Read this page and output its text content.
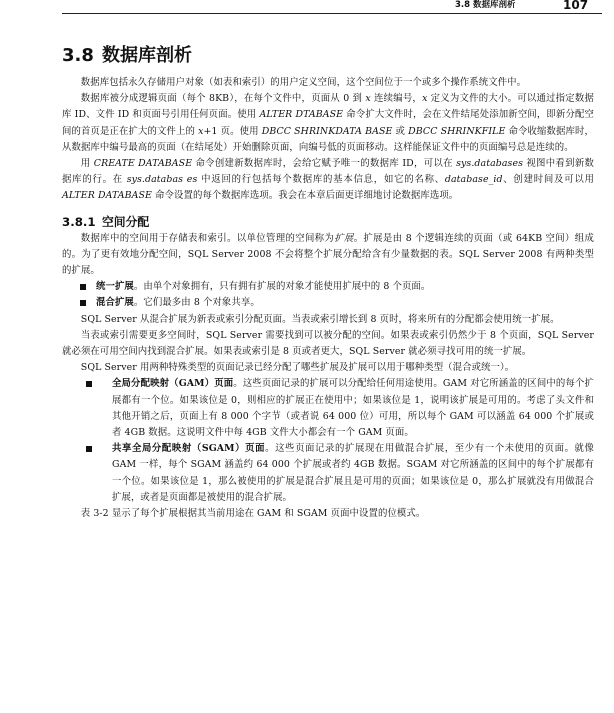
3.8 数据库剖析	107
3.8 数据库剖析

数据库包括永久存储用户对象（如表和索引）的用户定义空间，这个空间位于一个或多个操作系统文件中。

数据库被分成逻辑页面（每个 8KB），在每个文件中，页面从 0 到 x 连续编号，x 定义为文件的大小。可以通过指定数据库 ID、文件 ID 和页面号引用任何页面。使用 ALTER DTABASE 命令扩大文件时，会在文件结尾处添加新空间，即新分配空间的首页是正在扩大的文件上的 x+1 页。使用 DBCC SHRINKDATA BASE 或 DBCC SHRINKFILE 命令收缩数据库时，从数据库中编号最高的页面（在结尾处）开始删除页面，向编号低的页面移动。这样能保证文件中的页面编号总是连续的。

用 CREATE DATABASE 命令创建新数据库时，会给它赋予唯一的数据库 ID，可以在 sys.databases 视图中看到新数据库的行。在 sys.databas es 中返回的行包括每个数据库的基本信息，如它的名称、database_id、创建时间及可以用 ALTER DATABASE 命令设置的每个数据库选项。我会在本章后面更详细地讨论数据库选项。

3.8.1 空间分配

数据库中的空间用于存储表和索引。以单位管理的空间称为扩展。扩展是由 8 个逻辑连续的页面（或 64KB 空间）组成的。为了更有效地分配空间，SQL Server 2008 不会将整个扩展分配给含有少量数据的表。SQL Server 2008 有两种类型的扩展。

统一扩展。由单个对象拥有，只有拥有扩展的对象才能使用扩展中的 8 个页面。
混合扩展。它们最多由 8 个对象共享。

SQL Server 从混合扩展为新表或索引分配页面。当表或索引增长到 8 页时，将来所有的分配都会使用统一扩展。

当表或索引需要更多空间时，SQL Server 需要找到可以被分配的空间。如果表或索引仍然少于 8 个页面，SQL Server 就必须在可用空间内找到混合扩展。如果表或索引是 8 页或者更大，SQL Server 就必须寻找可用的统一扩展。

SQL Server 用两种特殊类型的页面记录已经分配了哪些扩展及扩展可以用于哪种类型（混合或统一）。

全局分配映射（GAM）页面。这些页面记录的扩展可以分配给任何用途使用。GAM 对它所涵盖的区间中的每个扩展都有一个位。如果该位是 0，则相应的扩展正在使用中；如果该位是 1，说明该扩展是可用的。考虑了头文件和其他开销之后，页面上有 8 000 个字节（或者说 64 000 位）可用，所以每个 GAM 可以涵盖 64 000 个扩展或者 4GB 数据。这说明文件中每 4GB 文件大小都会有一个 GAM 页面。
共享全局分配映射（SGAM）页面。这些页面记录的扩展现在用做混合扩展，至少有一个未使用的页面。就像 GAM 一样，每个 SGAM 涵盖约 64 000 个扩展或者约 4GB 数据。SGAM 对它所涵盖的区间中的每个扩展都有一个位。如果该位是 1，那么被使用的扩展是混合扩展且是可用的页面；如果该位是 0，那么扩展就没有用做混合扩展，或者是页面都是被使用的混合扩展。

表 3-2 显示了每个扩展根据其当前用途在 GAM 和 SGAM 页面中设置的位模式。
